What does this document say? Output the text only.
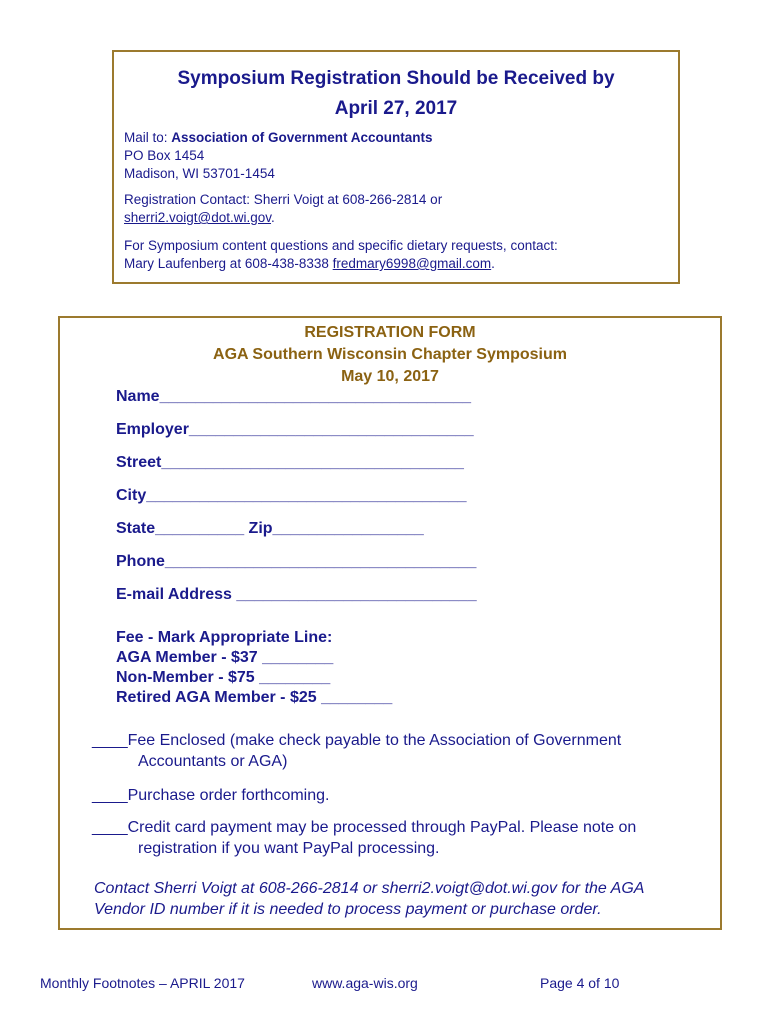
Symposium Registration Should be Received by
April 27, 2017
Mail to: Association of Government Accountants
PO Box 1454
Madison, WI 53701-1454
Registration Contact: Sherri Voigt at 608-266-2814 or
sherri2.voigt@dot.wi.gov.
For Symposium content questions and specific dietary requests, contact:
Mary Laufenberg at 608-438-8338 fredmary6998@gmail.com.
REGISTRATION FORM
AGA Southern Wisconsin Chapter Symposium
May 10, 2017
Name___________________________________
Employer________________________________
Street__________________________________
City____________________________________
State__________ Zip_________________
Phone___________________________________
E-mail Address ___________________________
Fee - Mark Appropriate Line:
AGA Member - $37 ________
Non-Member - $75 ________
Retired AGA Member - $25 ________
____Fee Enclosed (make check payable to the Association of Government
Accountants or AGA)
____Purchase order forthcoming.
____Credit card payment may be processed through PayPal. Please note on
registration if you want PayPal processing.
Contact Sherri Voigt at 608-266-2814 or sherri2.voigt@dot.wi.gov for the AGA
Vendor ID number if it is needed to process payment or purchase order.
Monthly Footnotes – APRIL 2017	www.aga-wis.org	Page 4 of 10
